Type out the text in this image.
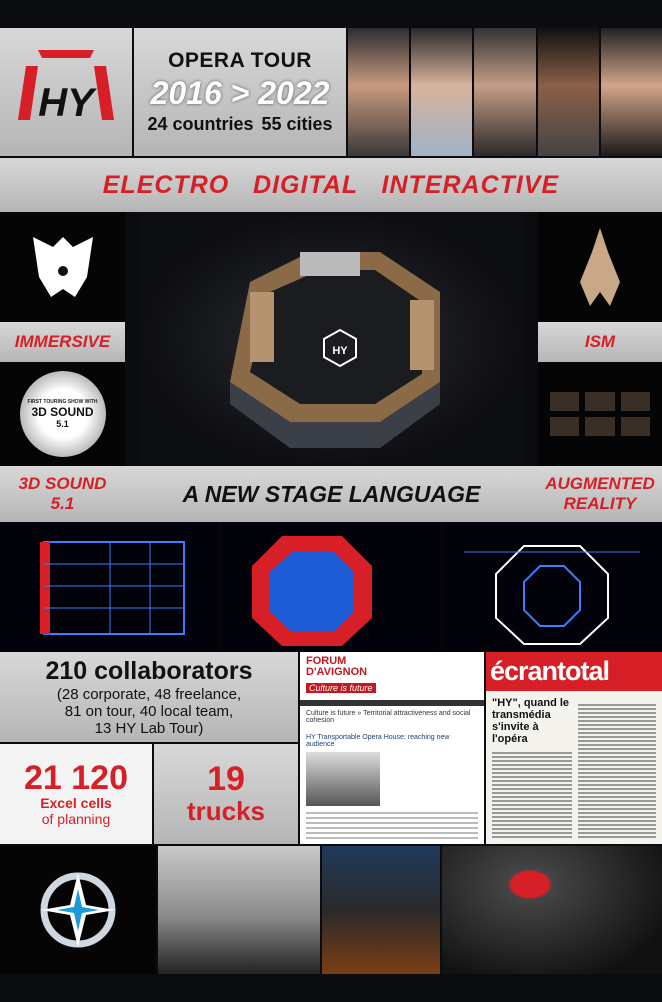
HY
OPERA TOUR
2016 > 2022
24 countries 55 cities
ELECTRO   DIGITAL   INTERACTIVE
IMMERSIVE
FIRST TOURING SHOW WITH
3D SOUND
5.1
3D SOUND
5.1
HY	ISM
AUGMENTED
REALITY
A NEW STAGE LANGUAGE
210 collaborators
(28 corporate, 48 freelance,
81 on tour, 40 local team,
13 HY Lab Tour)
21 120
Excel cells
of planning
19
trucks
FORUM
D'AVIGNON
Culture is future
Culture is future » Territorial attractiveness and social cohesion
HY Transportable Opera House: reaching new audience
écrantotal
"HY", quand le transmédia s'invite à l'opéra
